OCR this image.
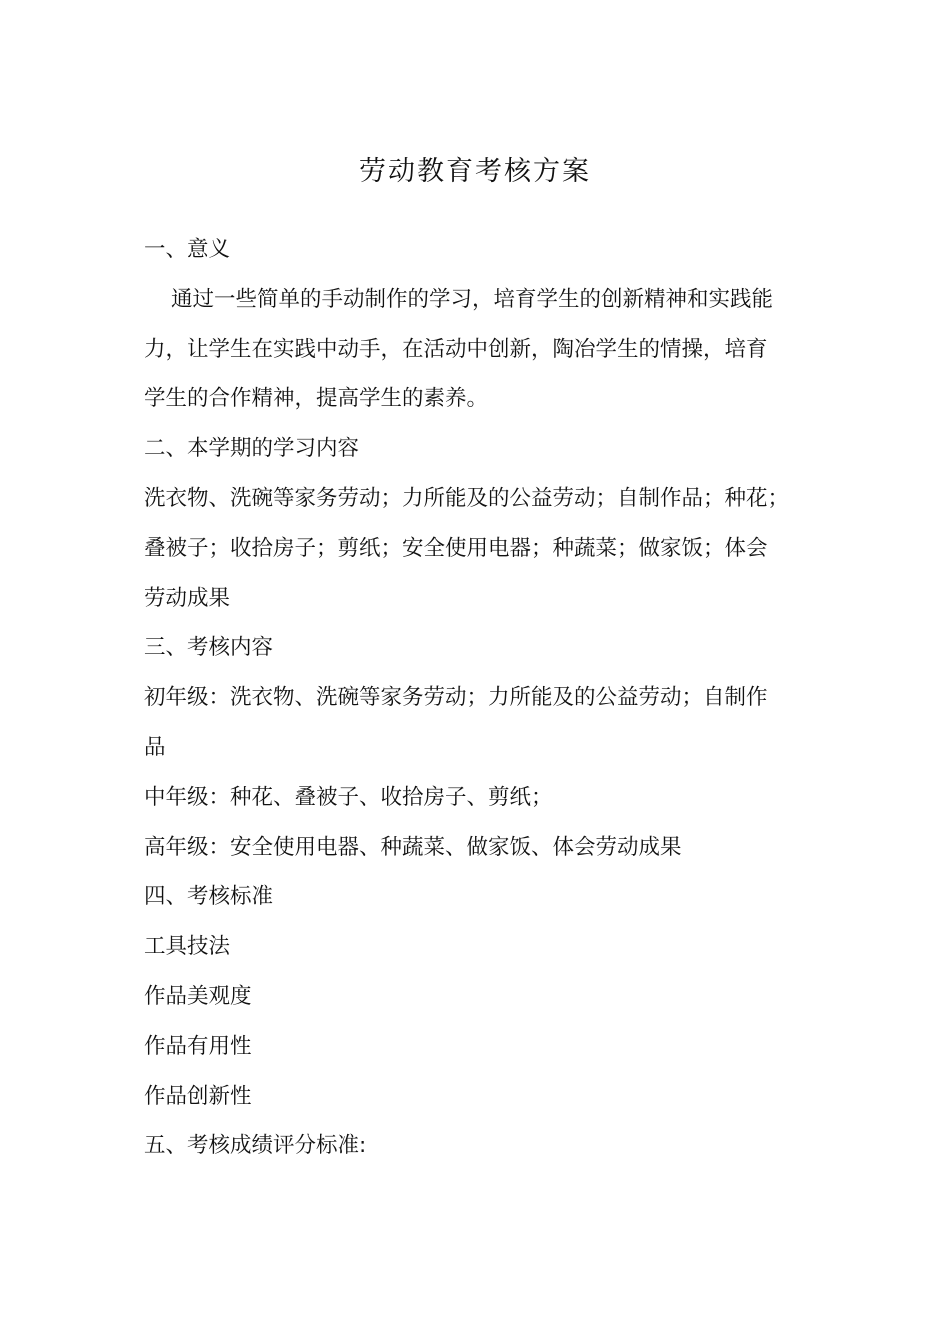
劳动教育考核方案
一、意义
通过一些简单的手动制作的学习，培育学生的创新精神和实践能
力，让学生在实践中动手，在活动中创新，陶冶学生的情操，培育
学生的合作精神，提高学生的素养。
二、本学期的学习内容
洗衣物、洗碗等家务劳动；力所能及的公益劳动；自制作品；种花；
叠被子；收拾房子；剪纸；安全使用电器；种蔬菜；做家饭；体会
劳动成果
三、考核内容
初年级：洗衣物、洗碗等家务劳动；力所能及的公益劳动；自制作
品
中年级：种花、叠被子、收拾房子、剪纸；
高年级：安全使用电器、种蔬菜、做家饭、体会劳动成果
四、考核标准
工具技法
作品美观度
作品有用性
作品创新性
五、考核成绩评分标准:
